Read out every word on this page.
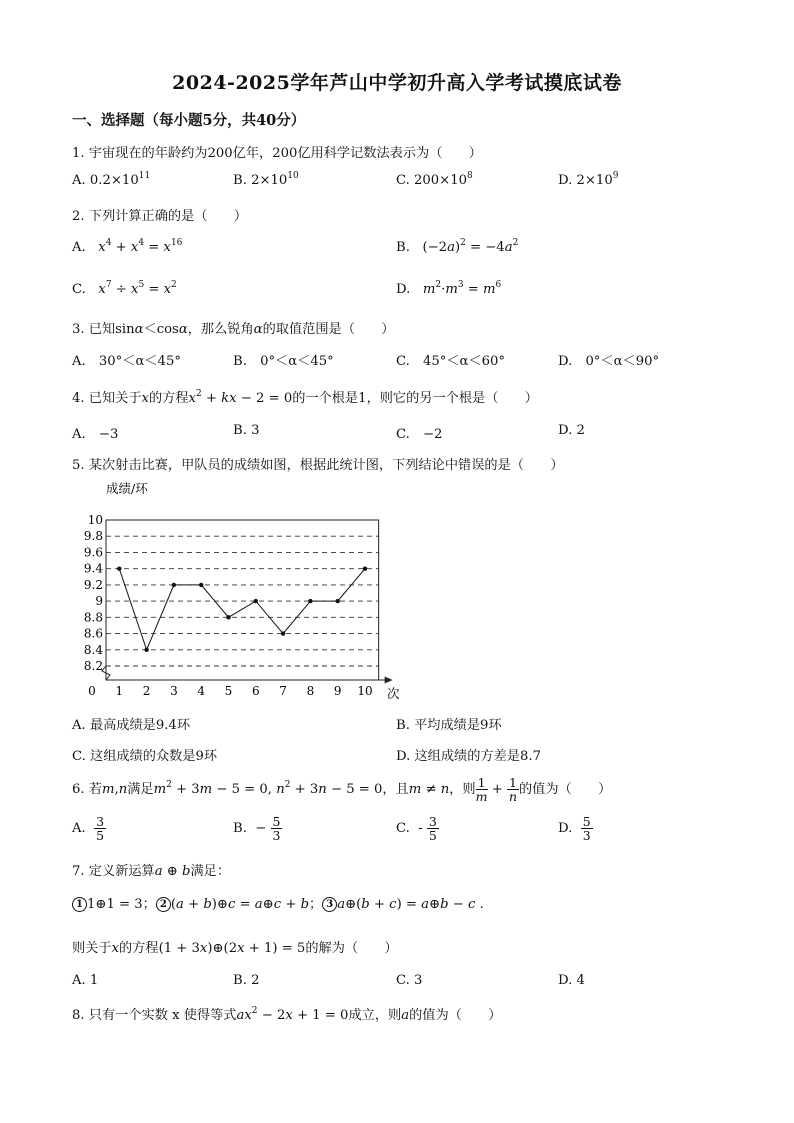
2024-2025学年芦山中学初升高入学考试摸底试卷
一、选择题（每小题5分，共40分）
1. 宇宙现在的年龄约为200亿年，200亿用科学记数法表示为（　　）
A. $0.2\times 10^{11}$	B. $2\times 10^{10}$	C. $200\times 10^8$	D. $2\times 10^9$
2. 下列计算正确的是（　　）
A. $x^4 + x^4 = x^{16}$	B.   $(-2a)^2 = -4a^2$
C. $x^7 \div x^5 = x^2$	D. $m^2\cdot m^3 = m^6$
3. 已知sinα＜cosα，那么锐角α的取值范围是（　　）
A.　30°＜α＜45°	B.　0°＜α＜45°	C.　45°＜α＜60°	D.　0°＜α＜90°
4. 已知关于x的方程$x^2$ + kx − 2 = 0的一个根是1，则它的另一个根是（　　）
A.　−3	B. 3	C.　−2	D. 2
5. 某次射击比赛，甲队员的成绩如图，根据此统计图，下列结论中错误的是（　　）
8.2
8.4
8.6
8.8
9
9.2
9.4
9.6
9.8
10
0 1 2 3 4 5 6 7 8 9 10
成绩/环
次
A. 最高成绩是9.4环	B. 平均成绩是9环
C. 这组成绩的众数是9环	D. 这组成绩的方差是8.7
6. 若m,n满足$m^2 + 3m - 5 = 0$, $n^2 + 3n - 5 = 0$，且m ≠ n，则 $\frac{1}{m} + \frac{1}{n}$ 的值为（　　）
A. $\frac{3}{5}$	B.  − $\frac{5}{3}$	C.  - $\frac{3}{5}$	D. $\frac{5}{3}$
7. 定义新运算a ⊕ b满足：
1 1⊕1 = 3； 2 (a + b)⊕c = a⊕c + b； 3 a⊕(b + c) = a⊕b − c .
则关于x的方程(1 + 3x)⊕(2x + 1) = 5的解为（　　）
A. 1	B. 2	C. 3	D. 4
8. 只有一个实数 x 使得等式$ax^2 - 2x + 1 = 0$成立，则a的值为（　　）
